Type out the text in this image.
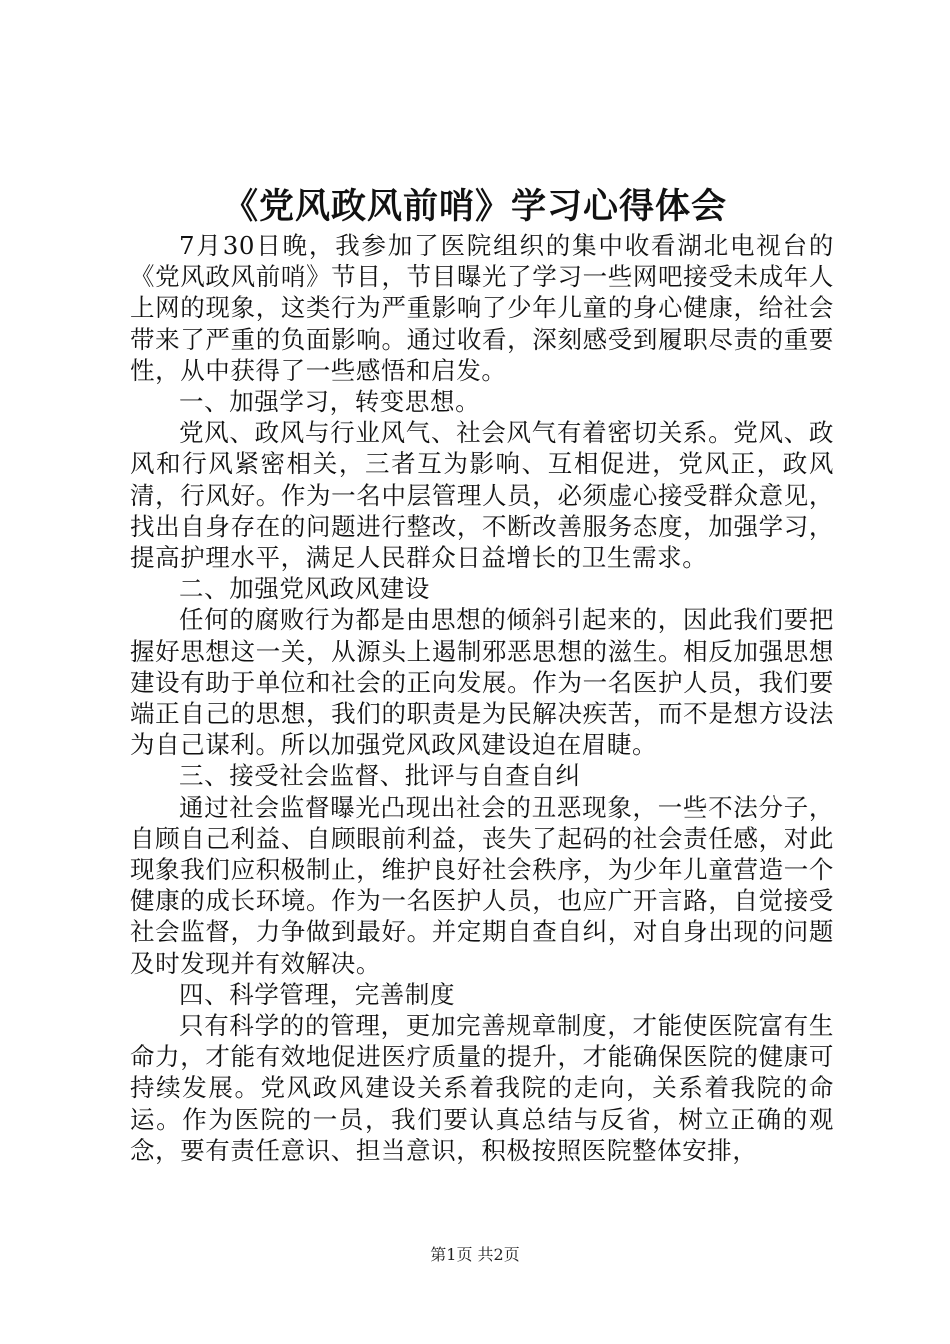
《党风政风前哨》学习心得体会

7月30日晚，我参加了医院组织的集中收看湖北电视台的《党风政风前哨》节目，节目曝光了学习一些网吧接受未成年人上网的现象，这类行为严重影响了少年儿童的身心健康，给社会带来了严重的负面影响。通过收看，深刻感受到履职尽责的重要性，从中获得了一些感悟和启发。

一、加强学习，转变思想。

党风、政风与行业风气、社会风气有着密切关系。党风、政风和行风紧密相关，三者互为影响、互相促进，党风正，政风清，行风好。作为一名中层管理人员，必须虚心接受群众意见，找出自身存在的问题进行整改，不断改善服务态度，加强学习，提高护理水平，满足人民群众日益增长的卫生需求。

二、加强党风政风建设

任何的腐败行为都是由思想的倾斜引起来的，因此我们要把握好思想这一关，从源头上遏制邪恶思想的滋生。相反加强思想建设有助于单位和社会的正向发展。作为一名医护人员，我们要端正自己的思想，我们的职责是为民解决疾苦，而不是想方设法为自己谋利。所以加强党风政风建设迫在眉睫。

三、接受社会监督、批评与自查自纠

通过社会监督曝光凸现出社会的丑恶现象，一些不法分子，自顾自己利益、自顾眼前利益，丧失了起码的社会责任感，对此现象我们应积极制止，维护良好社会秩序，为少年儿童营造一个健康的成长环境。作为一名医护人员，也应广开言路，自觉接受社会监督，力争做到最好。并定期自查自纠，对自身出现的问题及时发现并有效解决。

四、科学管理，完善制度

只有科学的的管理，更加完善规章制度，才能使医院富有生命力，才能有效地促进医疗质量的提升，才能确保医院的健康可持续发展。党风政风建设关系着我院的走向，关系着我院的命运。作为医院的一员，我们要认真总结与反省，树立正确的观念，要有责任意识、担当意识，积极按照医院整体安排，

第1页 共2页
